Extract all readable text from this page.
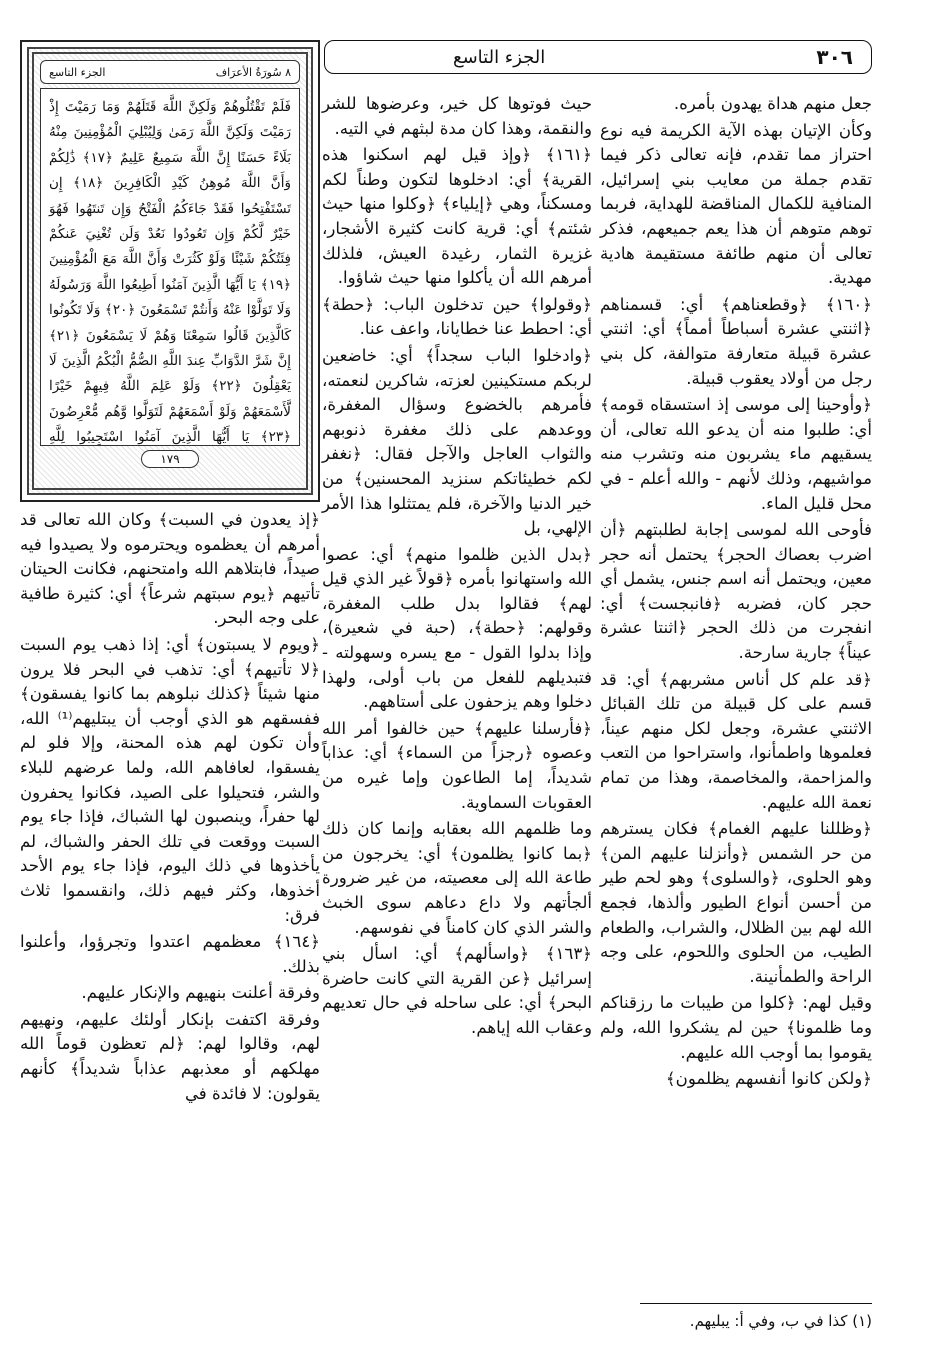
٣٠٦
الجزء التاسع
٨ سُورَةُ الأعرَاف
الجزء التاسع
فَلَمْ تَقْتُلُوهُمْ وَلَكِنَّ اللَّهَ قَتَلَهُمْ وَمَا رَمَيْتَ إِذْ رَمَيْتَ وَلَكِنَّ اللَّهَ رَمَىٰ وَلِيُبْلِيَ الْمُؤْمِنِينَ مِنْهُ بَلَاءً حَسَنًا إِنَّ اللَّهَ سَمِيعٌ عَلِيمٌ ﴿١٧﴾ ذَٰلِكُمْ وَأَنَّ اللَّهَ مُوهِنُ كَيْدِ الْكَافِرِينَ ﴿١٨﴾ إِن تَسْتَفْتِحُوا فَقَدْ جَاءَكُمُ الْفَتْحُ وَإِن تَنتَهُوا فَهُوَ خَيْرٌ لَّكُمْ وَإِن تَعُودُوا نَعُدْ وَلَن تُغْنِيَ عَنكُمْ فِئَتُكُمْ شَيْئًا وَلَوْ كَثُرَتْ وَأَنَّ اللَّهَ مَعَ الْمُؤْمِنِينَ ﴿١٩﴾ يَا أَيُّهَا الَّذِينَ آمَنُوا أَطِيعُوا اللَّهَ وَرَسُولَهُ وَلَا تَوَلَّوْا عَنْهُ وَأَنتُمْ تَسْمَعُونَ ﴿٢٠﴾ وَلَا تَكُونُوا كَالَّذِينَ قَالُوا سَمِعْنَا وَهُمْ لَا يَسْمَعُونَ ﴿٢١﴾ إِنَّ شَرَّ الدَّوَابِّ عِندَ اللَّهِ الصُّمُّ الْبُكْمُ الَّذِينَ لَا يَعْقِلُونَ ﴿٢٢﴾ وَلَوْ عَلِمَ اللَّهُ فِيهِمْ خَيْرًا لَّأَسْمَعَهُمْ وَلَوْ أَسْمَعَهُمْ لَتَوَلَّوا وَّهُم مُّعْرِضُونَ ﴿٢٣﴾ يَا أَيُّهَا الَّذِينَ آمَنُوا اسْتَجِيبُوا لِلَّهِ
١٧٩

جعل منهم هداة يهدون بأمره.

وكأن الإتيان بهذه الآية الكريمة فيه نوع احتراز مما تقدم، فإنه تعالى ذكر فيما تقدم جملة من معايب بني إسرائيل، المنافية للكمال المناقضة للهداية، فربما توهم متوهم أن هذا يعم جميعهم، فذكر تعالى أن منهم طائفة مستقيمة هادية مهدية.

﴿١٦٠﴾ ﴿وقطعناهم﴾ أي: قسمناهم ﴿اثنتي عشرة أسباطاً أمماً﴾ أي: اثنتي عشرة قبيلة متعارفة متوالفة، كل بني رجل من أولاد يعقوب قبيلة.

﴿وأوحينا إلى موسى إذ استسقاه قومه﴾ أي: طلبوا منه أن يدعو الله تعالى، أن يسقيهم ماء يشربون منه وتشرب منه مواشيهم، وذلك لأنهم - والله أعلم - في محل قليل الماء.

فأوحى الله لموسى إجابة لطلبتهم ﴿أن اضرب بعصاك الحجر﴾ يحتمل أنه حجر معين، ويحتمل أنه اسم جنس، يشمل أي حجر كان، فضربه ﴿فانبجست﴾ أي: انفجرت من ذلك الحجر ﴿اثنتا عشرة عيناً﴾ جارية سارحة.

﴿قد علم كل أناس مشربهم﴾ أي: قد قسم على كل قبيلة من تلك القبائل الاثنتي عشرة، وجعل لكل منهم عيناً، فعلموها واطمأنوا، واستراحوا من التعب والمزاحمة، والمخاصمة، وهذا من تمام نعمة الله عليهم.

﴿وظللنا عليهم الغمام﴾ فكان يسترهم من حر الشمس ﴿وأنزلنا عليهم المن﴾ وهو الحلوى، ﴿والسلوى﴾ وهو لحم طير من أحسن أنواع الطيور وألذها، فجمع الله لهم بين الظلال، والشراب، والطعام الطيب، من الحلوى واللحوم، على وجه الراحة والطمأنينة.

وقيل لهم: ﴿كلوا من طيبات ما رزقناكم وما ظلمونا﴾ حين لم يشكروا الله، ولم يقوموا بما أوجب الله عليهم.

﴿ولكن كانوا أنفسهم يظلمون﴾

حيث فوتوها كل خير، وعرضوها للشر والنقمة، وهذا كان مدة لبثهم في التيه.

﴿١٦١﴾ ﴿وإذ قيل لهم اسكنوا هذه القرية﴾ أي: ادخلوها لتكون وطناً لكم ومسكناً، وهي ﴿إيلياء﴾ ﴿وكلوا منها حيث شئتم﴾ أي: قرية كانت كثيرة الأشجار، غزيرة الثمار، رغيدة العيش، فلذلك أمرهم الله أن يأكلوا منها حيث شاؤوا.

﴿وقولوا﴾ حين تدخلون الباب: ﴿حطة﴾ أي: احطط عنا خطايانا، واعف عنا.

﴿وادخلوا الباب سجداً﴾ أي: خاضعين لربكم مستكينين لعزته، شاكرين لنعمته، فأمرهم بالخضوع وسؤال المغفرة، ووعدهم على ذلك مغفرة ذنوبهم والثواب العاجل والآجل فقال: ﴿نغفر لكم خطيئاتكم سنزيد المحسنين﴾ من خير الدنيا والآخرة، فلم يمتثلوا هذا الأمر الإلهي، بل

﴿بدل الذين ظلموا منهم﴾ أي: عصوا الله واستهانوا بأمره ﴿قولاً غير الذي قيل لهم﴾ فقالوا بدل طلب المغفرة، وقولهم: ﴿حطة﴾، (حبة في شعيرة)، وإذا بدلوا القول - مع يسره وسهولته - فتبديلهم للفعل من باب أولى، ولهذا دخلوا وهم يزحفون على أستاههم.

﴿فأرسلنا عليهم﴾ حين خالفوا أمر الله وعصوه ﴿رجزاً من السماء﴾ أي: عذاباً شديداً، إما الطاعون وإما غيره من العقوبات السماوية.

وما ظلمهم الله بعقابه وإنما كان ذلك ﴿بما كانوا يظلمون﴾ أي: يخرجون من طاعة الله إلى معصيته، من غير ضرورة ألجأتهم ولا داع دعاهم سوى الخبث والشر الذي كان كامناً في نفوسهم.

﴿١٦٣﴾ ﴿واسألهم﴾ أي: اسأل بني إسرائيل ﴿عن القرية التي كانت حاضرة البحر﴾ أي: على ساحله في حال تعديهم وعقاب الله إياهم.

﴿إذ يعدون في السبت﴾ وكان الله تعالى قد أمرهم أن يعظموه ويحترموه ولا يصيدوا فيه صيداً، فابتلاهم الله وامتحنهم، فكانت الحيتان تأتيهم ﴿يوم سبتهم شرعاً﴾ أي: كثيرة طافية على وجه البحر.

﴿ويوم لا يسبتون﴾ أي: إذا ذهب يوم السبت ﴿لا تأتيهم﴾ أي: تذهب في البحر فلا يرون منها شيئاً ﴿كذلك نبلوهم بما كانوا يفسقون﴾ ففسقهم هو الذي أوجب أن يبتليهم⁽¹⁾ الله، وأن تكون لهم هذه المحنة، وإلا فلو لم يفسقوا، لعافاهم الله، ولما عرضهم للبلاء والشر، فتحيلوا على الصيد، فكانوا يحفرون لها حفراً، وينصبون لها الشباك، فإذا جاء يوم السبت ووقعت في تلك الحفر والشباك، لم يأخذوها في ذلك اليوم، فإذا جاء يوم الأحد أخذوها، وكثر فيهم ذلك، وانقسموا ثلاث فرق:

﴿١٦٤﴾ معظمهم اعتدوا وتجرؤوا، وأعلنوا بذلك.

وفرقة أعلنت بنهيهم والإنكار عليهم.

وفرقة اكتفت بإنكار أولئك عليهم، ونهيهم لهم، وقالوا لهم: ﴿لم تعظون قوماً الله مهلكهم أو معذبهم عذاباً شديداً﴾ كأنهم يقولون: لا فائدة في

(١) كذا في ب، وفي أ: يبليهم.
